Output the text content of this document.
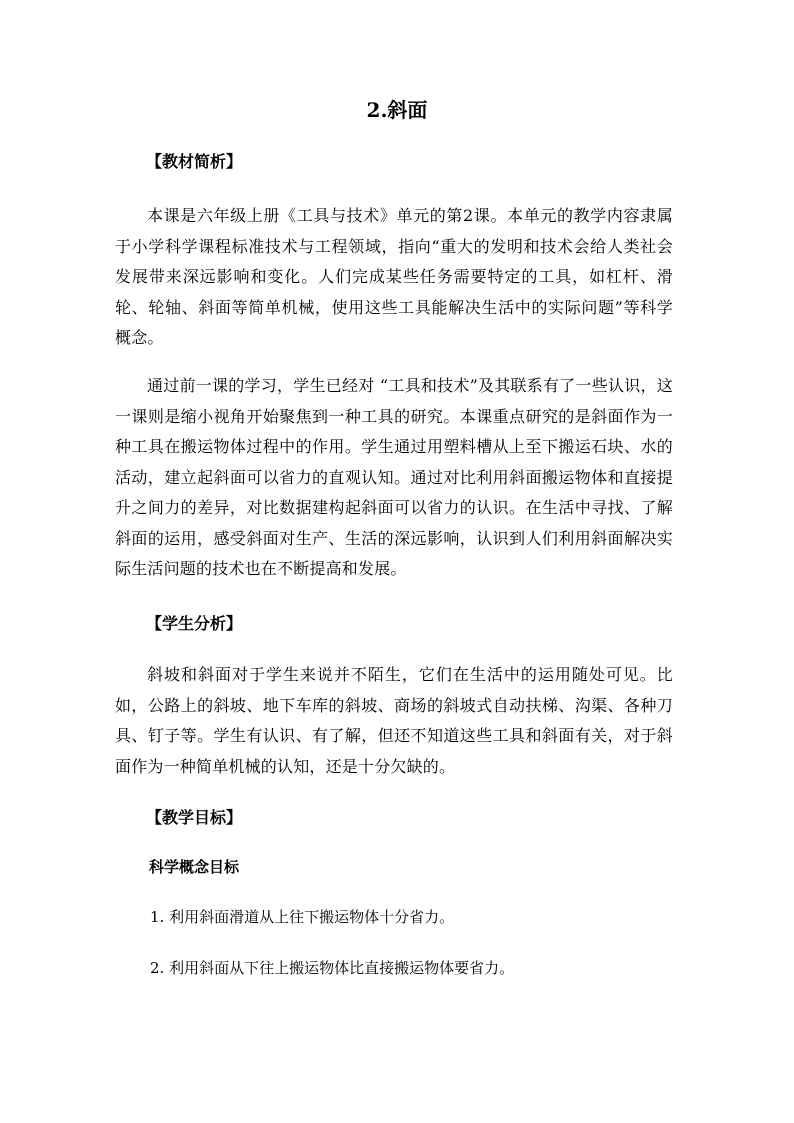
2.斜面
【教材简析】
本课是六年级上册《工具与技术》单元的第2课。本单元的教学内容隶属于小学科学课程标准技术与工程领域，指向“重大的发明和技术会给人类社会发展带来深远影响和变化。人们完成某些任务需要特定的工具，如杠杆、滑轮、轮轴、斜面等简单机械，使用这些工具能解决生活中的实际问题”等科学概念。
通过前一课的学习，学生已经对 “工具和技术”及其联系有了一些认识，这一课则是缩小视角开始聚焦到一种工具的研究。本课重点研究的是斜面作为一种工具在搬运物体过程中的作用。学生通过用塑料槽从上至下搬运石块、水的活动，建立起斜面可以省力的直观认知。通过对比利用斜面搬运物体和直接提升之间力的差异，对比数据建构起斜面可以省力的认识。在生活中寻找、了解斜面的运用，感受斜面对生产、生活的深远影响，认识到人们利用斜面解决实际生活问题的技术也在不断提高和发展。
【学生分析】
斜坡和斜面对于学生来说并不陌生，它们在生活中的运用随处可见。比如，公路上的斜坡、地下车库的斜坡、商场的斜坡式自动扶梯、沟渠、各种刀具、钉子等。学生有认识、有了解，但还不知道这些工具和斜面有关，对于斜面作为一种简单机械的认知，还是十分欠缺的。
【教学目标】
科学概念目标
1. 利用斜面滑道从上往下搬运物体十分省力。
2. 利用斜面从下往上搬运物体比直接搬运物体要省力。
